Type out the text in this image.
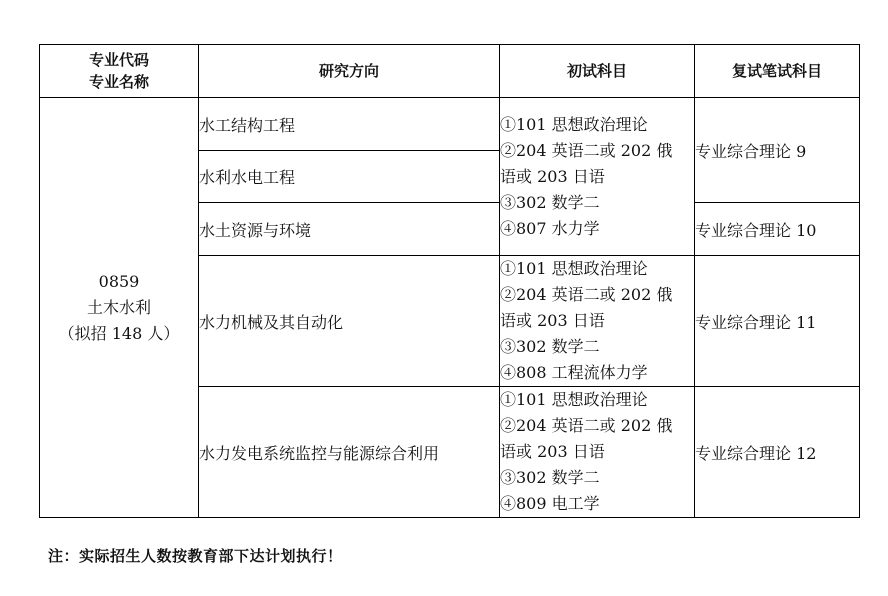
专业代码
专业名称	研究方向	初试科目	复试笔试科目

0859
土木水利
（拟招 148 人）	水工结构工程	①101 思想政治理论
②204 英语二或 202 俄
语或 203 日语
③302 数学二
④807 水力学	专业综合理论 9
	水利水电工程		
	水土资源与环境		专业综合理论 10
	水力机械及其自动化	①101 思想政治理论
②204 英语二或 202 俄
语或 203 日语
③302 数学二
④808 工程流体力学	专业综合理论 11
	水力发电系统监控与能源综合利用	①101 思想政治理论
②204 英语二或 202 俄
语或 203 日语
③302 数学二
④809 电工学	专业综合理论 12
注：实际招生人数按教育部下达计划执行！
